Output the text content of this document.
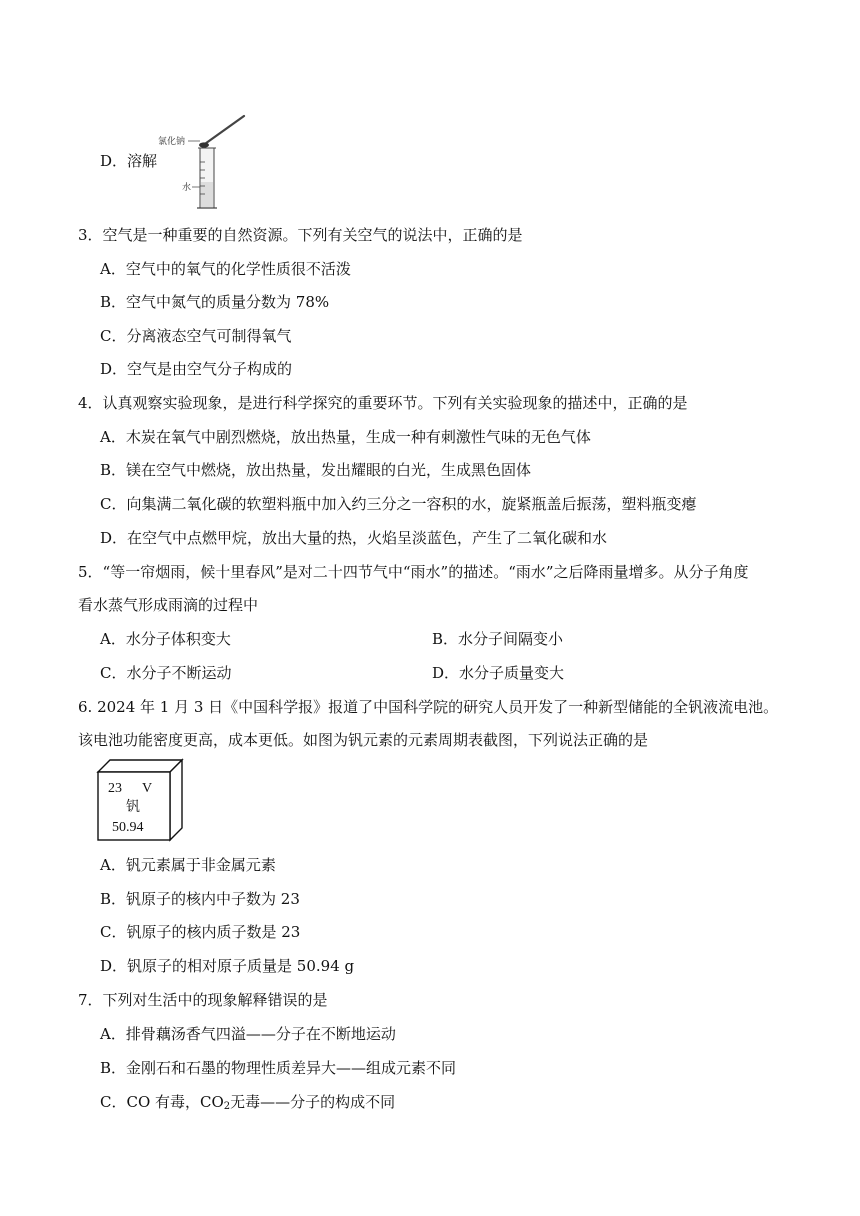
氯化钠
水
D．溶解
3．空气是一种重要的自然资源。下列有关空气的说法中，正确的是
A．空气中的氧气的化学性质很不活泼
B．空气中氮气的质量分数为 78%
C．分离液态空气可制得氧气
D．空气是由空气分子构成的
4．认真观察实验现象，是进行科学探究的重要环节。下列有关实验现象的描述中，正确的是
A．木炭在氧气中剧烈燃烧，放出热量，生成一种有刺激性气味的无色气体
B．镁在空气中燃烧，放出热量，发出耀眼的白光，生成黑色固体
C．向集满二氧化碳的软塑料瓶中加入约三分之一容积的水，旋紧瓶盖后振荡，塑料瓶变瘪
D．在空气中点燃甲烷，放出大量的热，火焰呈淡蓝色，产生了二氧化碳和水
5．“等一帘烟雨，候十里春风”是对二十四节气中“雨水”的描述。“雨水”之后降雨量增多。从分子角度
看水蒸气形成雨滴的过程中
A．水分子体积变大	B．水分子间隔变小
C．水分子不断运动	D．水分子质量变大
6. 2024 年 1 月 3 日《中国科学报》报道了中国科学院的研究人员开发了一种新型储能的全钒液流电池。
该电池功能密度更高，成本更低。如图为钒元素的元素周期表截图，下列说法正确的是
23 V
钒
50.94
A．钒元素属于非金属元素
B．钒原子的核内中子数为 23
C．钒原子的核内质子数是 23
D．钒原子的相对原子质量是 50.94 g
7．下列对生活中的现象解释错误的是
A．排骨藕汤香气四溢——分子在不断地运动
B．金刚石和石墨的物理性质差异大——组成元素不同
C．CO 有毒，$CO_2$无毒——分子的构成不同
